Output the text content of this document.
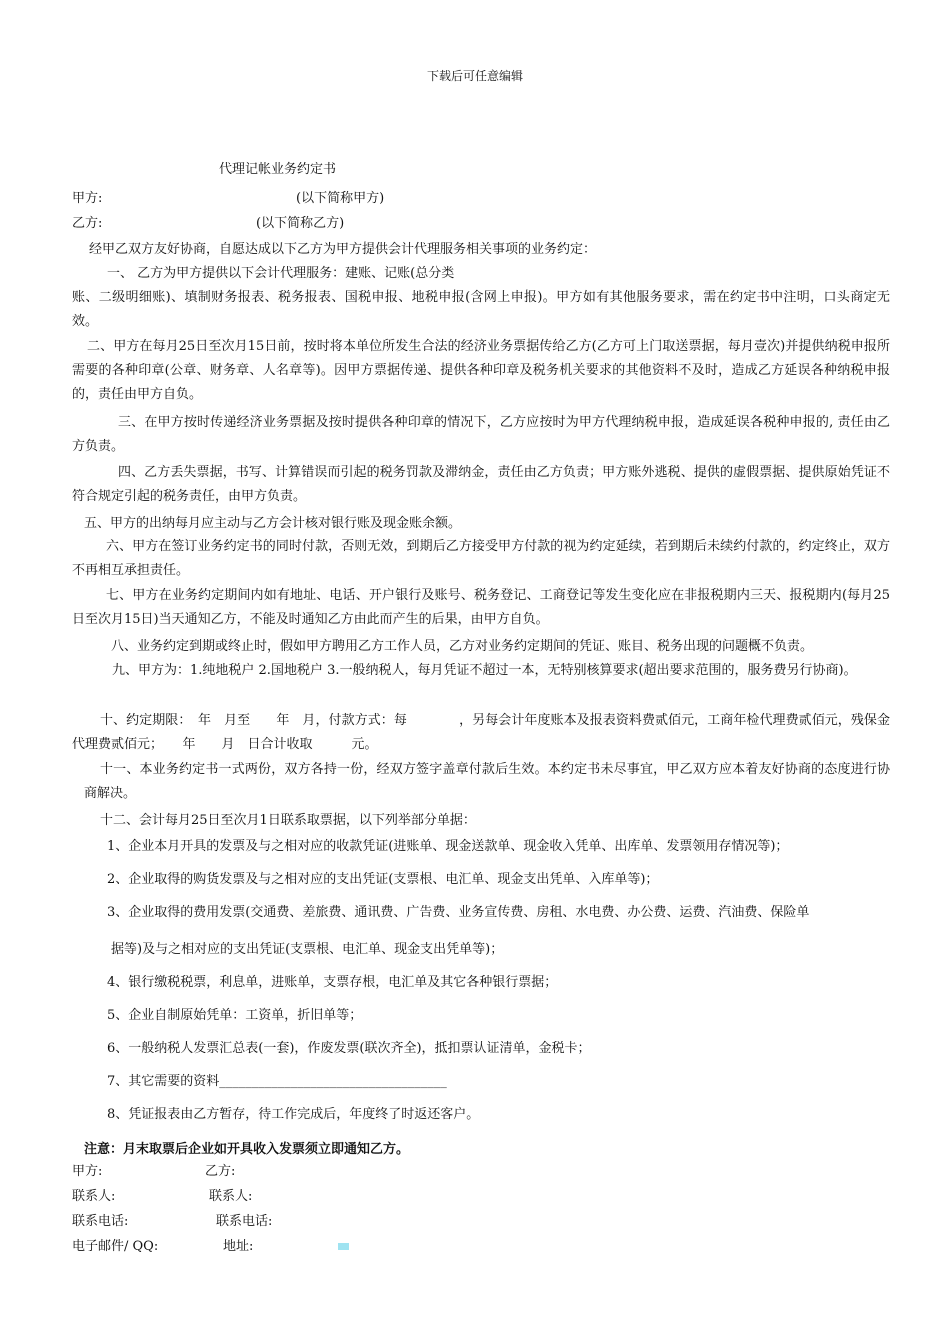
下载后可任意编辑
代理记帐业务约定书
甲方:	(以下简称甲方)
乙方:	(以下简称乙方)
经甲乙双方友好协商，自愿达成以下乙方为甲方提供会计代理服务相关事项的业务约定：
一、 乙方为甲方提供以下会计代理服务：建账、记账(总分类
账、二级明细账)、填制财务报表、税务报表、国税申报、地税申报(含网上申报)。甲方如有其他服务要求，需在约定书中注明，口头商定无效。
二、甲方在每月25日至次月15日前，按时将本单位所发生合法的经济业务票据传给乙方(乙方可上门取送票据，每月壹次)并提供纳税申报所需要的各种印章(公章、财务章、人名章等)。因甲方票据传递、提供各种印章及税务机关要求的其他资料不及时，造成乙方延误各种纳税申报的，责任由甲方自负。
三、在甲方按时传递经济业务票据及按时提供各种印章的情况下，乙方应按时为甲方代理纳税申报，造成延误各税种申报的, 责任由乙方负责。
四、乙方丢失票据，书写、计算错误而引起的税务罚款及滞纳金，责任由乙方负责；甲方账外逃税、提供的虚假票据、提供原始凭证不符合规定引起的税务责任，由甲方负责。
五、甲方的出纳每月应主动与乙方会计核对银行账及现金账余额。
六、甲方在签订业务约定书的同时付款，否则无效，到期后乙方接受甲方付款的视为约定延续，若到期后未续约付款的，约定终止，双方不再相互承担责任。
七、甲方在业务约定期间内如有地址、电话、开户银行及账号、税务登记、工商登记等发生变化应在非报税期内三天、报税期内(每月25日至次月15日)当天通知乙方，不能及时通知乙方由此而产生的后果，由甲方自负。
八、业务约定到期或终止时，假如甲方聘用乙方工作人员，乙方对业务约定期间的凭证、账目、税务出现的问题概不负责。
九、甲方为：1.纯地税户 2.国地税户 3.一般纳税人，每月凭证不超过一本，无特别核算要求(超出要求范围的，服务费另行协商)。
十、约定期限：　年　月至　　年　月，付款方式：每　　　　，另每会计年度账本及报表资料费贰佰元，工商年检代理费贰佰元，残保金代理费贰佰元；　　年　　月　日合计收取　　　元。
十一、本业务约定书一式两份，双方各持一份，经双方签字盖章付款后生效。本约定书未尽事宜，甲乙双方应本着友好协商的态度进行协商解决。
十二、会计每月25日至次月1日联系取票据，以下列举部分单据：
1、企业本月开具的发票及与之相对应的收款凭证(进账单、现金送款单、现金收入凭单、出库单、发票领用存情况等)；
2、企业取得的购货发票及与之相对应的支出凭证(支票根、电汇单、现金支出凭单、入库单等)；
3、企业取得的费用发票(交通费、差旅费、通讯费、广告费、业务宣传费、房租、水电费、办公费、运费、汽油费、保险单
据等)及与之相对应的支出凭证(支票根、电汇单、现金支出凭单等)；
4、银行缴税税票，利息单，进账单，支票存根，电汇单及其它各种银行票据；
5、企业自制原始凭单：工资单，折旧单等；
6、一般纳税人发票汇总表(一套)，作废发票(联次齐全)，抵扣票认证清单，金税卡；
7、其它需要的资料___________________________________
8、凭证报表由乙方暂存，待工作完成后，年度终了时返还客户。
注意：月末取票后企业如开具收入发票须立即通知乙方。
甲方:	乙方:
联系人:	联系人:
联系电话:	联系电话:
电子邮件/ QQ:	地址:
